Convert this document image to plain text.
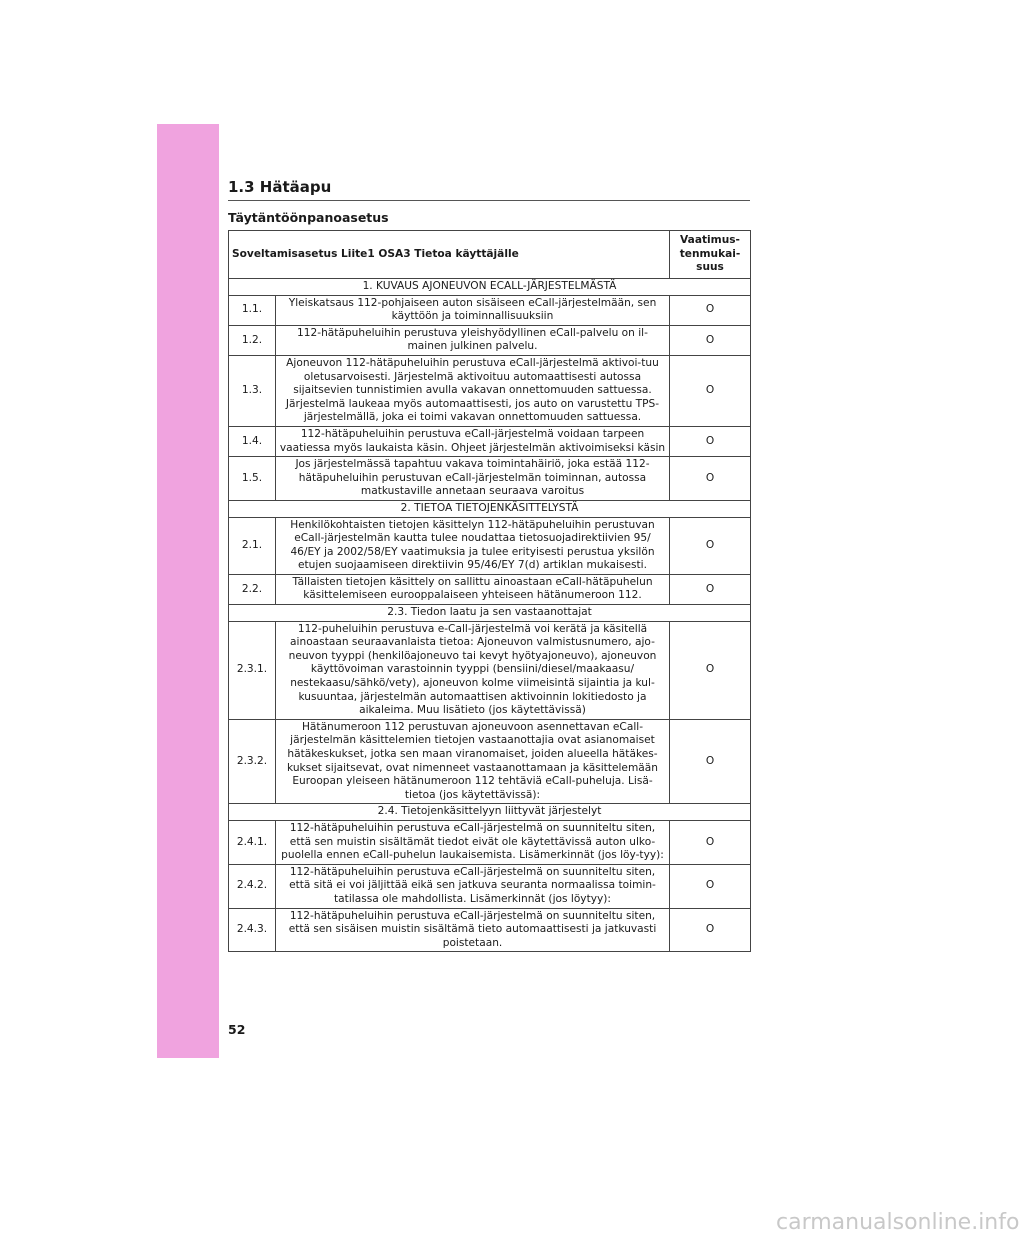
1.3 Hätäapu
Täytäntöönpanoasetus
Soveltamisasetus Liite1 OSA3 Tietoa käyttäjälle		Vaatimus-
tenmukai-
suus
1. KUVAUS AJONEUVON ECALL-JÄRJESTELMÄSTÄ		
1.1.	Yleiskatsaus 112-pohjaiseen auton sisäiseen eCall-järjestelmään, sen käyttöön ja toiminnallisuuksiin	O
1.2.	112-hätäpuheluihin perustuva yleishyödyllinen eCall-palvelu on il-mainen julkinen palvelu.	O
1.3.	Ajoneuvon 112-hätäpuheluihin perustuva eCall-järjestelmä aktivoi-tuu oletusarvoisesti. Järjestelmä aktivoituu automaattisesti autossa sijaitsevien tunnistimien avulla vakavan onnettomuuden sattuessa. Järjestelmä laukeaa myös automaattisesti, jos auto on varustettu TPS-järjestelmällä, joka ei toimi vakavan onnettomuuden sattuessa.	O
1.4.	112-hätäpuheluihin perustuva eCall-järjestelmä voidaan tarpeen vaatiessa myös laukaista käsin. Ohjeet järjestelmän aktivoimiseksi käsin	O
1.5.	Jos järjestelmässä tapahtuu vakava toimintahäiriö, joka estää 112-hätäpuheluihin perustuvan eCall-järjestelmän toiminnan, autossa matkustaville annetaan seuraava varoitus	O
2. TIETOA TIETOJENKÄSITTELYSTÄ		
2.1.	Henkilökohtaisten tietojen käsittelyn 112-hätäpuheluihin perustuvan eCall-järjestelmän kautta tulee noudattaa tietosuojadirektiivien 95/ 46/EY ja 2002/58/EY vaatimuksia ja tulee erityisesti perustua yksilön etujen suojaamiseen direktiivin 95/46/EY 7(d) artiklan mukaisesti.	O
2.2.	Tällaisten tietojen käsittely on sallittu ainoastaan eCall-hätäpuhelun käsittelemiseen eurooppalaiseen yhteiseen hätänumeroon 112.	O
2.3. Tiedon laatu ja sen vastaanottajat		
2.3.1.	112-puheluihin perustuva e-Call-järjestelmä voi kerätä ja käsitellä ainoastaan seuraavanlaista tietoa: Ajoneuvon valmistusnumero, ajo-neuvon tyyppi (henkilöajoneuvo tai kevyt hyötyajoneuvo), ajoneuvon käyttövoiman varastoinnin tyyppi (bensiini/diesel/maakaasu/ nestekaasu/sähkö/vety), ajoneuvon kolme viimeisintä sijaintia ja kul-kusuuntaa, järjestelmän automaattisen aktivoinnin lokitiedosto ja aikaleima. Muu lisätieto (jos käytettävissä)	O
2.3.2.	Hätänumeroon 112 perustuvan ajoneuvoon asennettavan eCall-järjestelmän käsittelemien tietojen vastaanottajia ovat asianomaiset hätäkeskukset, jotka sen maan viranomaiset, joiden alueella hätäkes-kukset sijaitsevat, ovat nimenneet vastaanottamaan ja käsittelemään Euroopan yleiseen hätänumeroon 112 tehtäviä eCall-puheluja. Lisä-tietoa (jos käytettävissä):	O
2.4. Tietojenkäsittelyyn liittyvät järjestelyt		
2.4.1.	112-hätäpuheluihin perustuva eCall-järjestelmä on suunniteltu siten, että sen muistin sisältämät tiedot eivät ole käytettävissä auton ulko-puolella ennen eCall-puhelun laukaisemista. Lisämerkinnät (jos löy-tyy):	O
2.4.2.	112-hätäpuheluihin perustuva eCall-järjestelmä on suunniteltu siten, että sitä ei voi jäljittää eikä sen jatkuva seuranta normaalissa toimin-tatilassa ole mahdollista. Lisämerkinnät (jos löytyy):	O
2.4.3.	112-hätäpuheluihin perustuva eCall-järjestelmä on suunniteltu siten, että sen sisäisen muistin sisältämä tieto automaattisesti ja jatkuvasti poistetaan.	O

52

carmanualsonline.info
